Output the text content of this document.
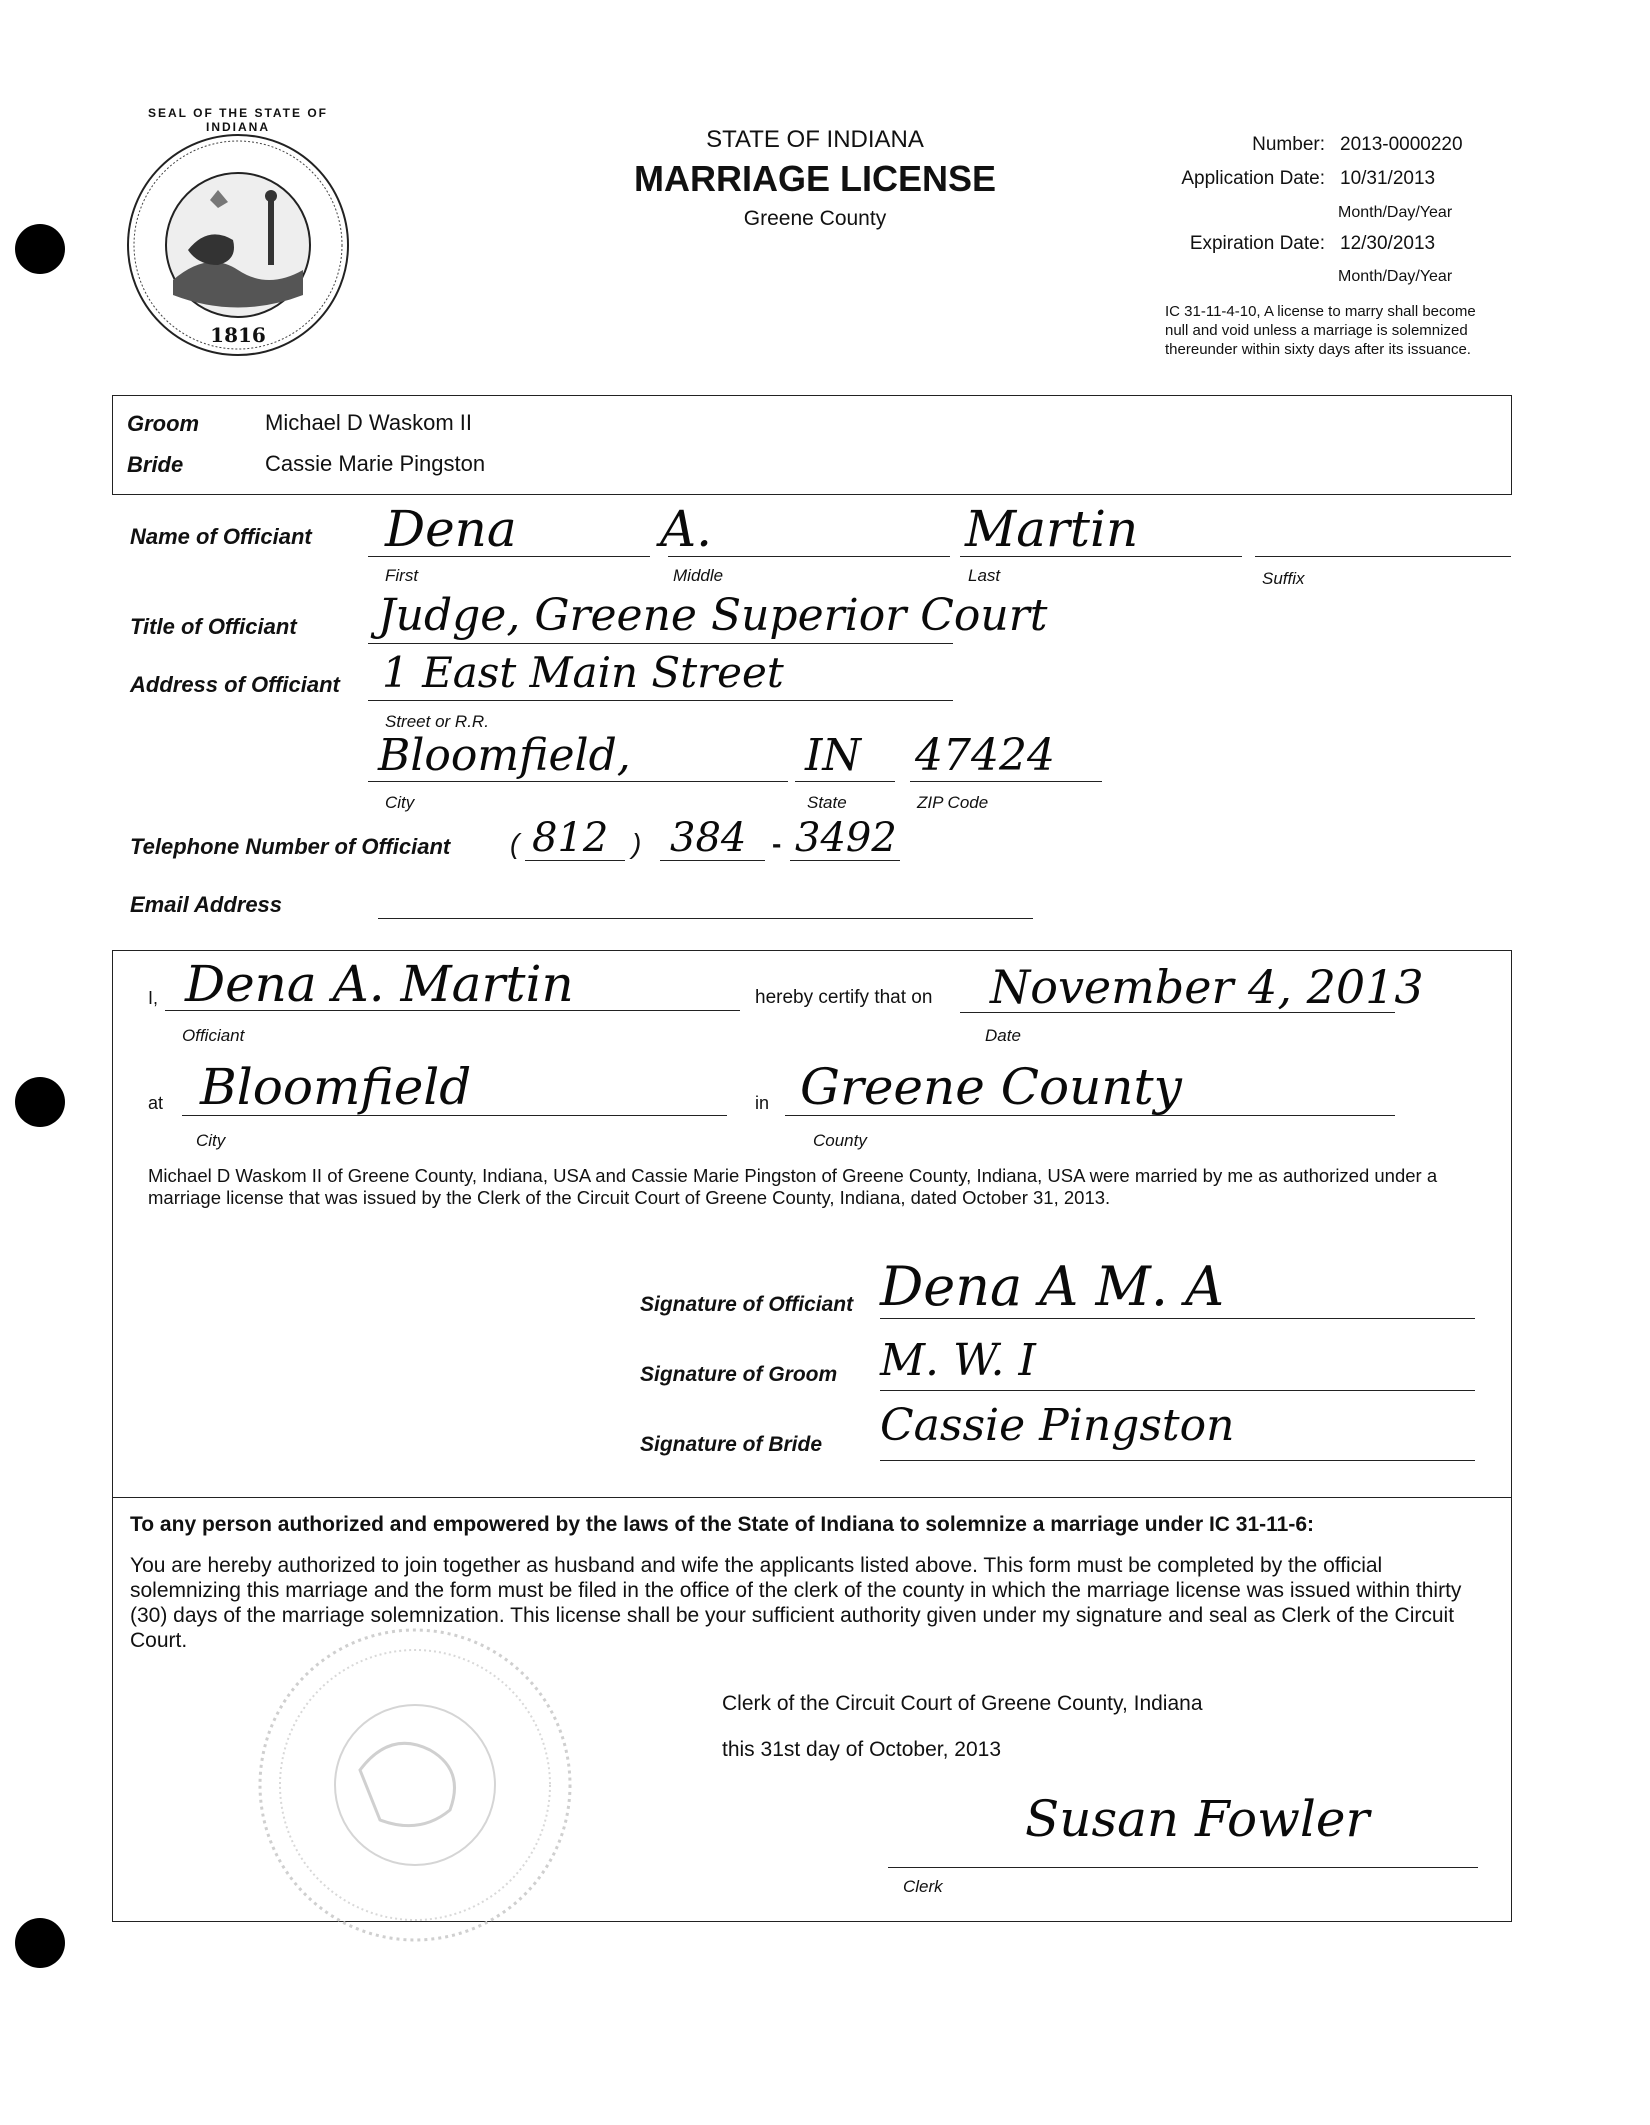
1816
SEAL OF THE STATE OF INDIANA	STATE OF INDIANA
MARRIAGE LICENSE
Greene County
Number: 2013-0000220
Application Date: 10/31/2013
Month/Day/Year
Expiration Date: 12/30/2013
Month/Day/Year
IC 31-11-4-10, A license to marry shall become null and void unless a marriage is solemnized thereunder within sixty days after its issuance.
Groom	Michael D Waskom II
Bride	Cassie Marie Pingston
Name of Officiant Dena	A.	Martin
First	Middle	Last	Suffix
Title of Officiant Judge, Greene Superior Court
Address of Officiant 1 East Main Street
Street or R.R.
Bloomfield,	IN 47424
City	State	ZIP Code
Telephone Number of Officiant ( 812 ) 384 - 3492
Email Address
I, Dena A. Martin
Officiant
hereby certify that on November 4, 2013
Date
at Bloomfield
City
in Greene County
County
Michael D Waskom II of Greene County, Indiana, USA and Cassie Marie Pingston of Greene County, Indiana, USA were married by me as authorized under a marriage license that was issued by the Clerk of the Circuit Court of Greene County, Indiana, dated October 31, 2013.
Signature of Officiant Dena A M. A
Signature of Groom M. W. I
Signature of Bride Cassie Pingston
To any person authorized and empowered by the laws of the State of Indiana to solemnize a marriage under IC 31-11-6:
You are hereby authorized to join together as husband and wife the applicants listed above. This form must be completed by the official solemnizing this marriage and the form must be filed in the office of the clerk of the county in which the marriage license was issued within thirty (30) days of the marriage solemnization. This license shall be your sufficient authority given under my signature and seal as Clerk of the Circuit Court.
Clerk of the Circuit Court of Greene County, Indiana
this 31st day of October, 2013
Susan Fowler
Clerk
